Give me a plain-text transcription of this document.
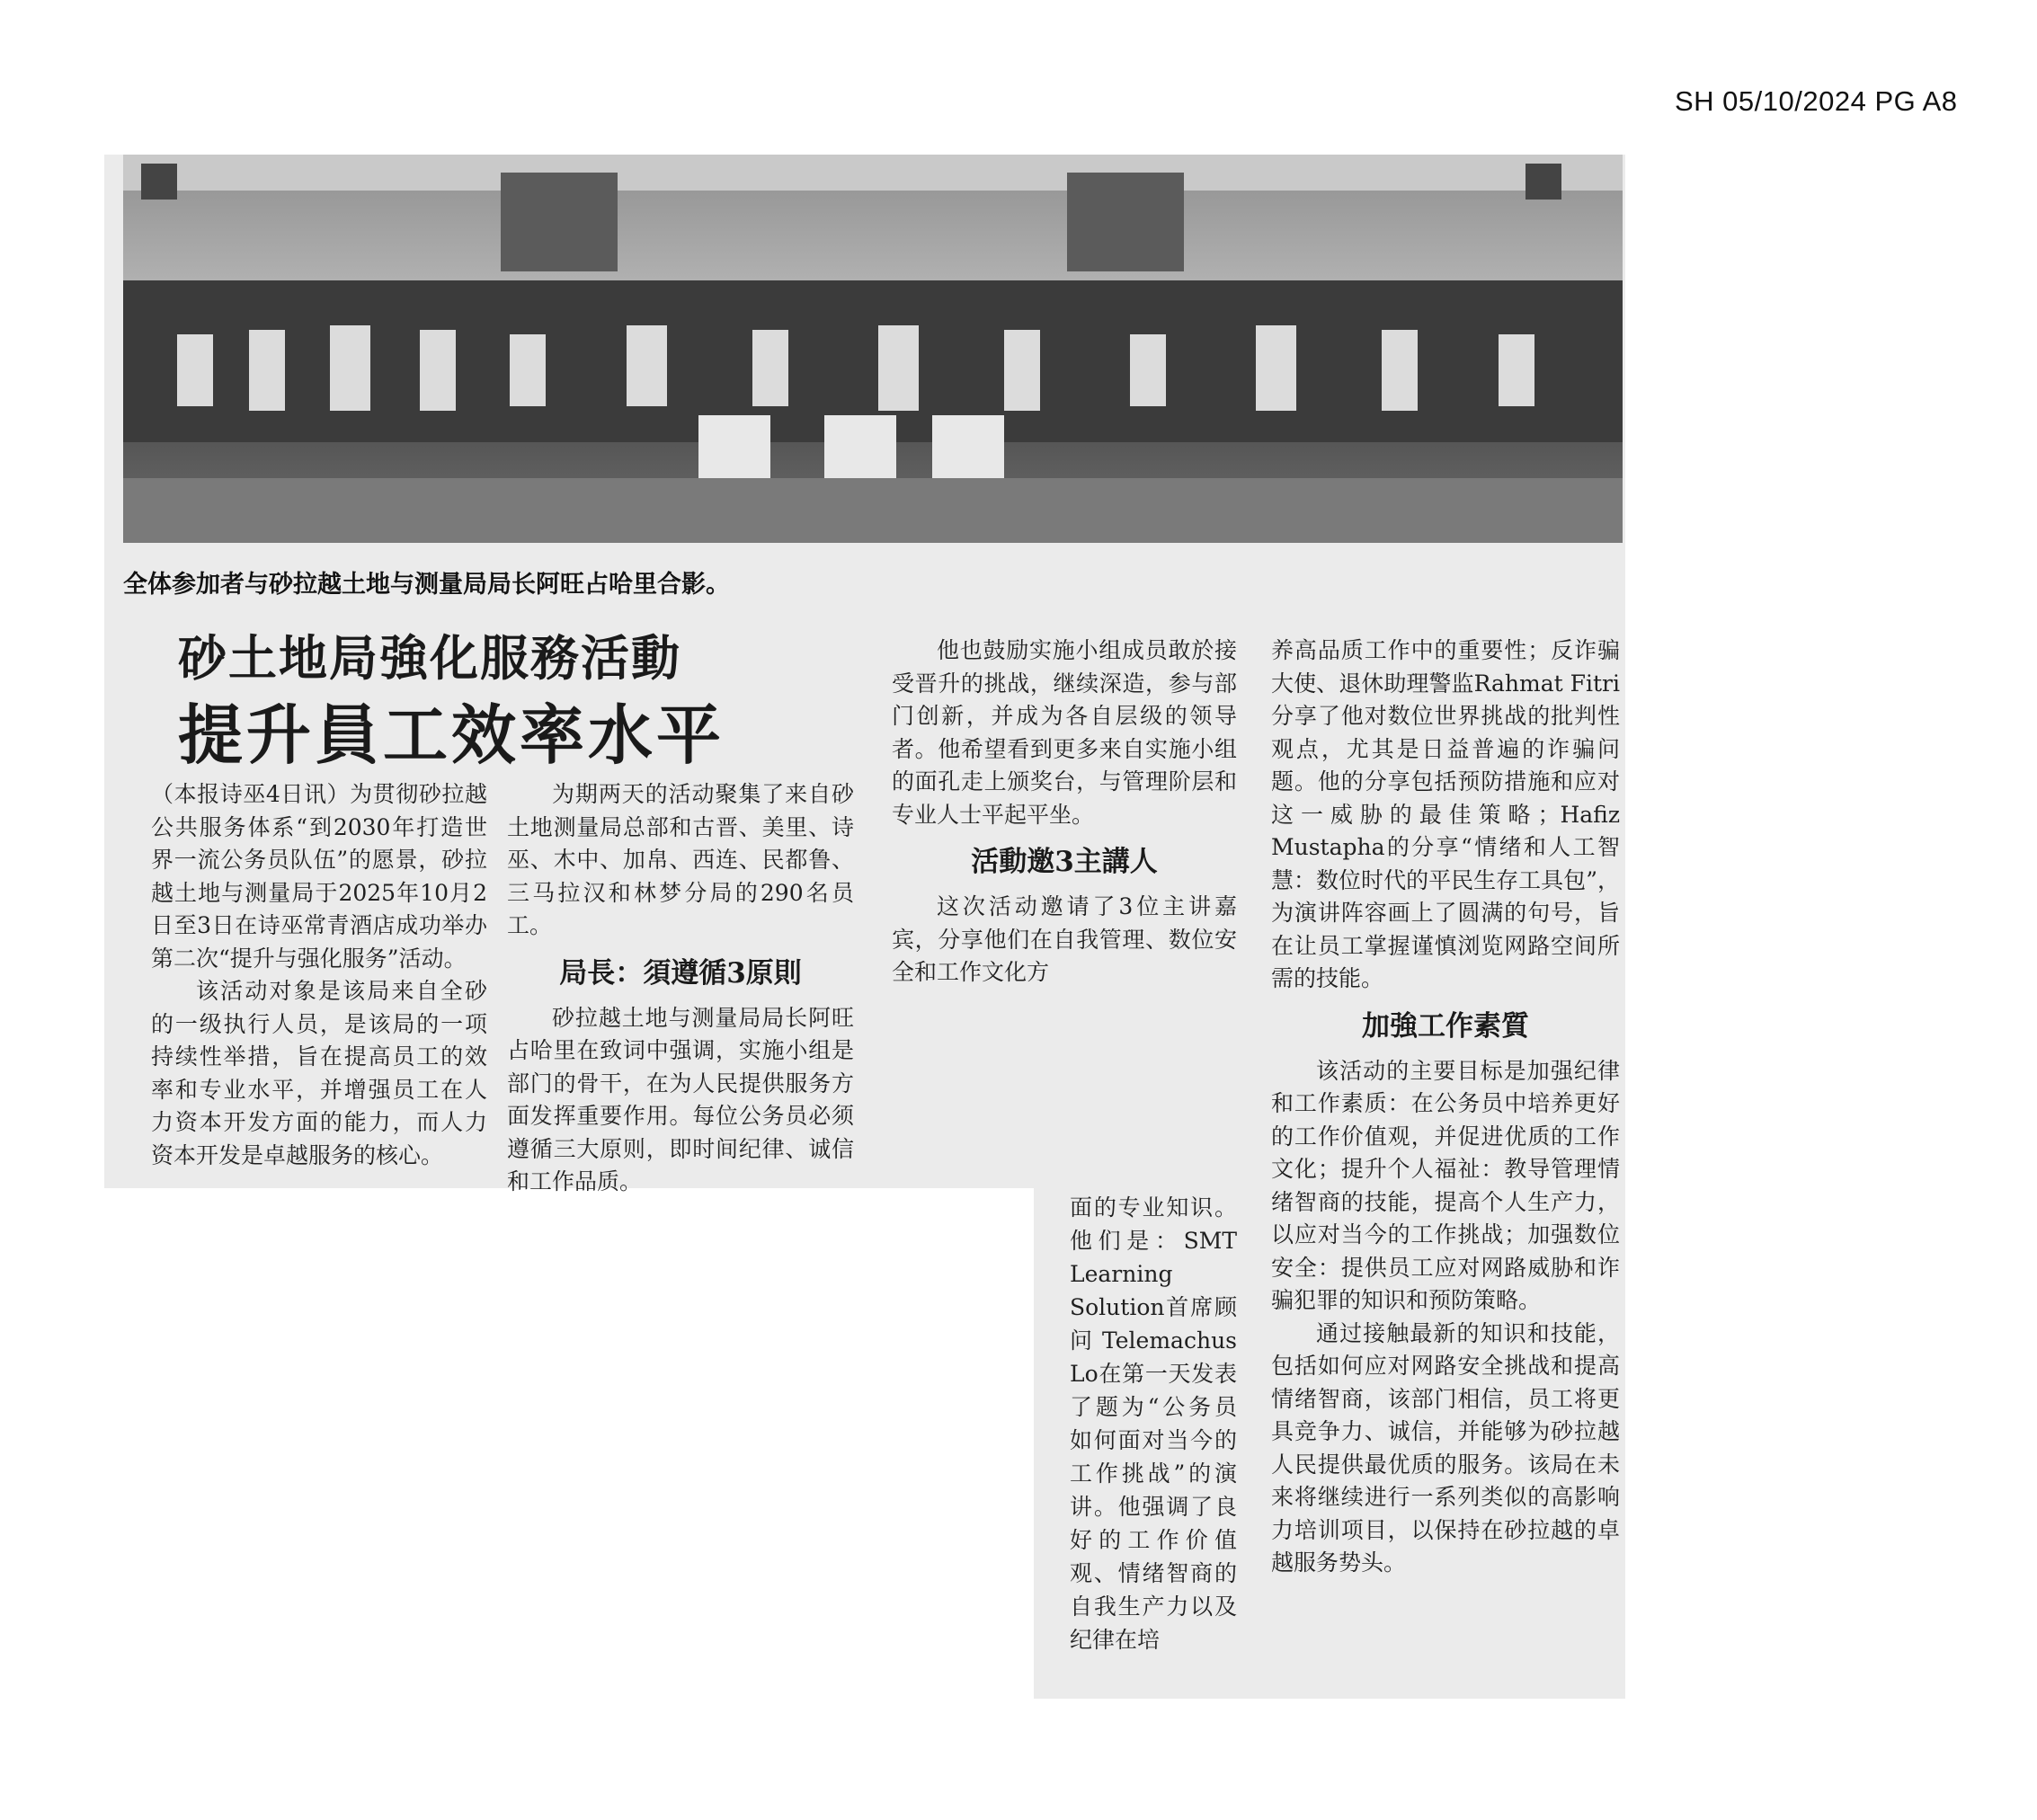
SH 05/10/2024 PG A8
全体参加者与砂拉越土地与测量局局长阿旺占哈里合影。
砂土地局強化服務活動
提升員工效率水平

（本报诗巫4日讯）为贯彻砂拉越公共服务体系“到2030年打造世界一流公务员队伍”的愿景，砂拉越土地与测量局于2025年10月2日至3日在诗巫常青酒店成功举办第二次“提升与强化服务”活动。

该活动对象是该局来自全砂的一级执行人员，是该局的一项持续性举措，旨在提高员工的效率和专业水平，并增强员工在人力资本开发方面的能力，而人力资本开发是卓越服务的核心。

为期两天的活动聚集了来自砂土地测量局总部和古晋、美里、诗巫、木中、加帛、西连、民都鲁、三马拉汉和林梦分局的290名员工。

局長：須遵循3原則

砂拉越土地与测量局局长阿旺占哈里在致词中强调，实施小组是部门的骨干，在为人民提供服务方面发挥重要作用。每位公务员必须遵循三大原则，即时间纪律、诚信和工作品质。

他也鼓励实施小组成员敢於接受晋升的挑战，继续深造，参与部门创新，并成为各自层级的领导者。他希望看到更多来自实施小组的面孔走上颁奖台，与管理阶层和专业人士平起平坐。

活動邀3主講人

这次活动邀请了3位主讲嘉宾，分享他们在自我管理、数位安全和工作文化方

面的专业知识。他们是：SMT Learning Solution首席顾问Telemachus Lo在第一天发表了题为“公务员如何面对当今的工作挑战”的演讲。他强调了良好的工作价值观、情绪智商的自我生产力以及纪律在培

养高品质工作中的重要性；反诈骗大使、退休助理警监Rahmat Fitri分享了他对数位世界挑战的批判性观点，尤其是日益普遍的诈骗问题。他的分享包括预防措施和应对这一威胁的最佳策略；Hafiz Mustapha的分享“情绪和人工智慧：数位时代的平民生存工具包”，为演讲阵容画上了圆满的句号，旨在让员工掌握谨慎浏览网路空间所需的技能。

加強工作素質

该活动的主要目标是加强纪律和工作素质：在公务员中培养更好的工作价值观，并促进优质的工作文化；提升个人福祉：教导管理情绪智商的技能，提高个人生产力，以应对当今的工作挑战；加强数位安全：提供员工应对网路威胁和诈骗犯罪的知识和预防策略。

通过接触最新的知识和技能，包括如何应对网路安全挑战和提高情绪智商，该部门相信，员工将更具竞争力、诚信，并能够为砂拉越人民提供最优质的服务。该局在未来将继续进行一系列类似的高影响力培训项目，以保持在砂拉越的卓越服务势头。
